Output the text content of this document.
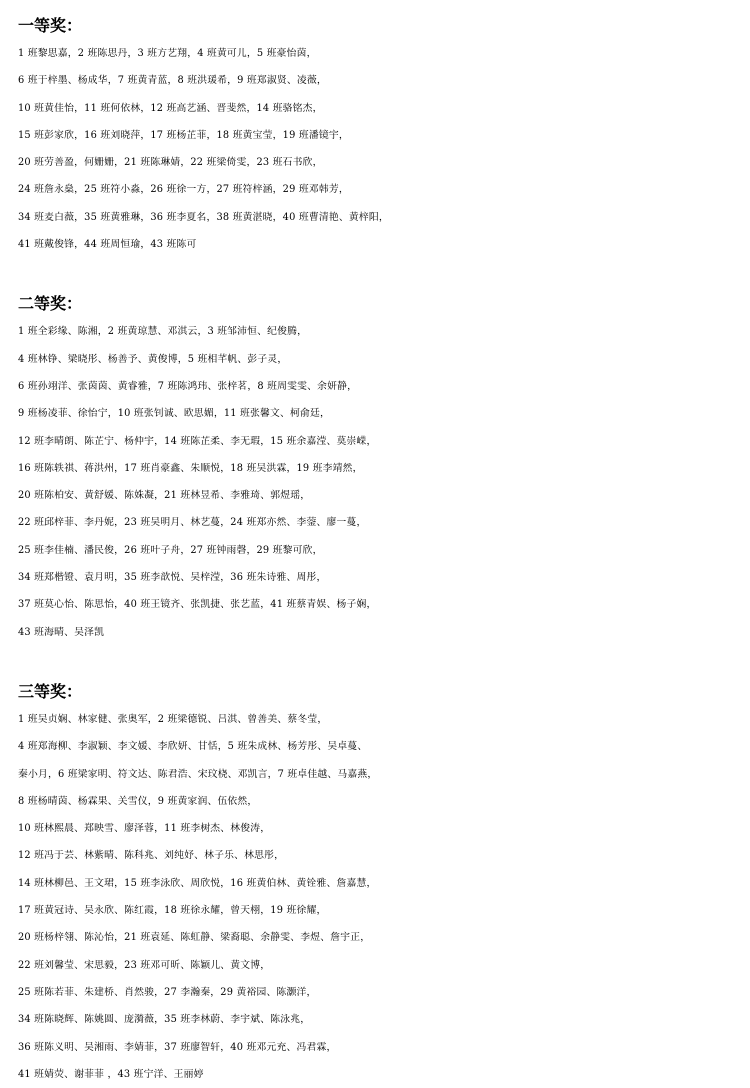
一等奖：
1 班黎思嘉，2 班陈思丹，3 班方艺翔，4 班黄可儿，5 班豪怡茵，
6 班于梓墨、杨成华，7 班黄青蓝，8 班洪瑗希，9 班郑淑贤、凌薇，
10 班黄佳怡，11 班何依林，12 班高艺涵、晋斐然，14 班骆铭杰，
15 班彭家欣，16 班刘晓萍，17 班杨芷菲，18 班黄宝莹，19 班潘镜宇，
20 班劳善盈，何姗姗，21 班陈琳婧，22 班梁倚雯，23 班石书欣，
24 班詹永燊，25 班符小淼，26 班徐一方，27 班符梓涵，29 班邓韩芳，
34 班麦白薇，35 班黄雅琳，36 班李夏名，38 班黄湛晓，40 班曹清艳、黄梓阳，
41 班戴俊锋，44 班周恒瑜，43 班陈可
二等奖：
1 班全彩缘、陈湘，2 班黄琼慧、邓淇云，3 班邹沛恒、纪俊腾，
4 班林铮、梁晓彤、杨善予、黄俊博，5 班相芊帆、彭子灵，
6 班孙翊洋、张茵茵、黄睿雅，7 班陈鸿玮、张梓茗，8 班周雯雯、余妍静，
9 班杨凌菲、徐怡宁，10 班张钊诚、欧思媚，11 班张馨文、柯俞廷，
12 班李晴朗、陈芷宁、杨仲宇，14 班陈芷柔、李无瑕，15 班余嘉滢、莫崇嵘，
16 班陈轶祺、蒋洪州，17 班肖豪鑫、朱顺悦，18 班吴洪霖，19 班李靖然，
20 班陈柏安、黄舒媛、陈姝凝，21 班林昱希、李雅琦、郭煜瑶，
22 班邱梓菲、李丹妮，23 班吴明月、林艺蔓，24 班郑亦然、李蓥、廖一蔓，
25 班李佳楠、潘民俊，26 班叶子舟，27 班钟雨磬，29 班黎可欣，
34 班郑楷镫、袁月明，35 班李歆悦、吴梓滢，36 班朱诗雅、周彤，
37 班莫心怡、陈思怡，40 班王镜齐、张凯捷、张艺蓝，41 班蔡青娱、杨子娴，
43 班海晴、吴泽凯
三等奖：
1 班吴贞娴、林家健、张奥军，2 班梁德锐、吕淇、曾善美、蔡冬莹，
4 班郑海柳、李淑颖、李文媛、李欣妍、甘恬，5 班朱成林、杨芳彤、吴卓蔓、
秦小月，6 班梁家明、符文达、陈君浩、宋玟桡、邓凯言，7 班卓佳越、马嘉燕，
8 班杨晴茵、杨霖果、关雪仪，9 班黄家润、伍依然，
10 班林熙晨、郑映雪、廖泽蓉，11 班李树杰、林俊涛，
12 班冯于芸、林紫晴、陈科兆、刘纯妤、林子乐、林思彤，
14 班林柳邑、王文珺，15 班李泳欣、周欣悦，16 班黄伯林、黄铨雅、詹嘉慧，
17 班黄冠诗、吴永欣、陈红霞，18 班徐永耀，曾天栩，19 班徐耀，
20 班杨梓翎、陈沁怡，21 班袁延、陈虹静、梁裔聪、余静雯、李煜、詹宇正，
22 班刘馨莹、宋思毅，23 班邓可昕、陈颖儿、黄文博，
25 班陈若菲、朱建桥、肖然骏，27 李瀚秦，29 黄裕园、陈灏洋，
34 班陈晓辉、陈姚圆、庞漪薇，35 班李林蔚、李宇斌、陈泳兆，
36 班陈义明、吴湘雨、李婧菲，37 班廖智轩，40 班邓元充、冯君霖，
41 班婧荧、谢菲菲 ，43 班宁洋、王丽婷
